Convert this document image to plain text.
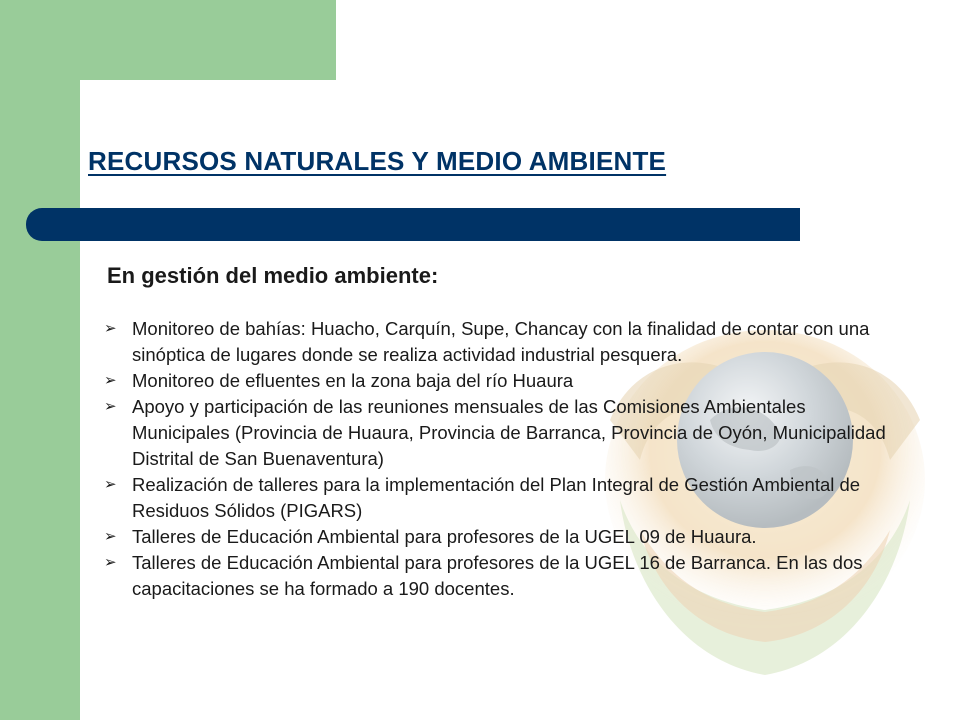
RECURSOS NATURALES Y MEDIO AMBIENTE
En gestión del medio ambiente:
➢ Monitoreo de bahías: Huacho, Carquín, Supe, Chancay con la finalidad de contar con una sinóptica de lugares donde se realiza actividad industrial pesquera.
➢ Monitoreo de efluentes en la zona baja del río Huaura
➢ Apoyo y participación de las reuniones mensuales de las Comisiones Ambientales Municipales (Provincia de Huaura, Provincia de Barranca, Provincia de Oyón, Municipalidad Distrital de San Buenaventura)
➢ Realización de talleres para la implementación del Plan Integral de Gestión Ambiental de Residuos Sólidos (PIGARS)
➢ Talleres de Educación Ambiental para profesores de la UGEL 09 de Huaura.
➢ Talleres de Educación Ambiental para profesores de la UGEL 16 de Barranca. En las dos capacitaciones se ha formado a 190 docentes.
